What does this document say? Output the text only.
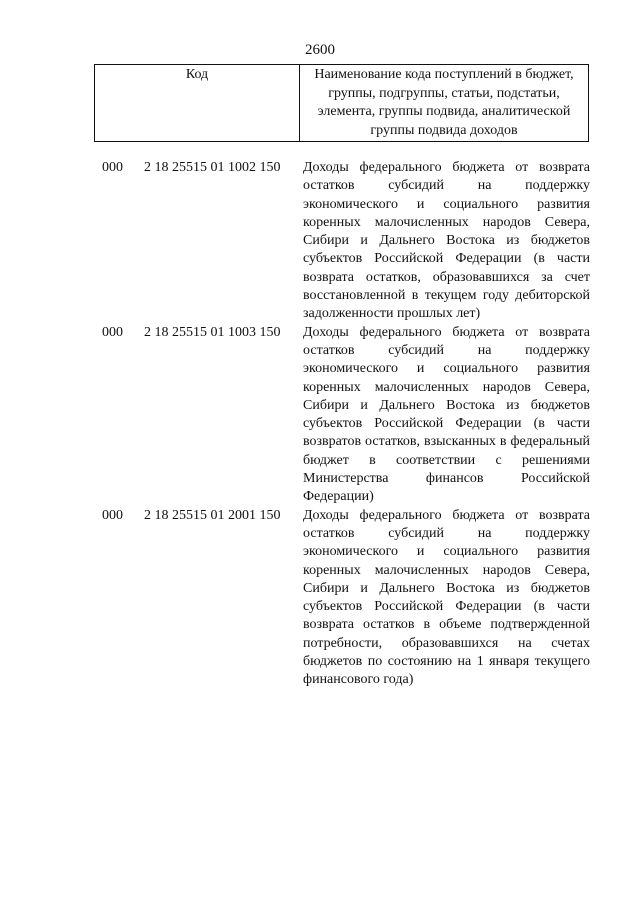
2600
Код	Наименование кода поступлений в бюджет, группы, подгруппы, статьи, подстатьи, элемента, группы подвида, аналитической группы подвида доходов
000	2 18 25515 01 1002 150	Доходы федерального бюджета от возврата остатков субсидий на поддержку экономического и социального развития коренных малочисленных народов Севера, Сибири и Дальнего Востока из бюджетов субъектов Российской Федерации (в части возврата остатков, образовавшихся за счет восстановленной в текущем году дебиторской задолженности прошлых лет)
000	2 18 25515 01 1003 150	Доходы федерального бюджета от возврата остатков субсидий на поддержку экономического и социального развития коренных малочисленных народов Севера, Сибири и Дальнего Востока из бюджетов субъектов Российской Федерации (в части возвратов остатков, взысканных в федеральный бюджет в соответствии с решениями Министерства финансов Российской Федерации)
000	2 18 25515 01 2001 150	Доходы федерального бюджета от возврата остатков субсидий на поддержку экономического и социального развития коренных малочисленных народов Севера, Сибири и Дальнего Востока из бюджетов субъектов Российской Федерации (в части возврата остатков в объеме подтвержденной потребности, образовавшихся на счетах бюджетов по состоянию на 1 января текущего финансового года)
